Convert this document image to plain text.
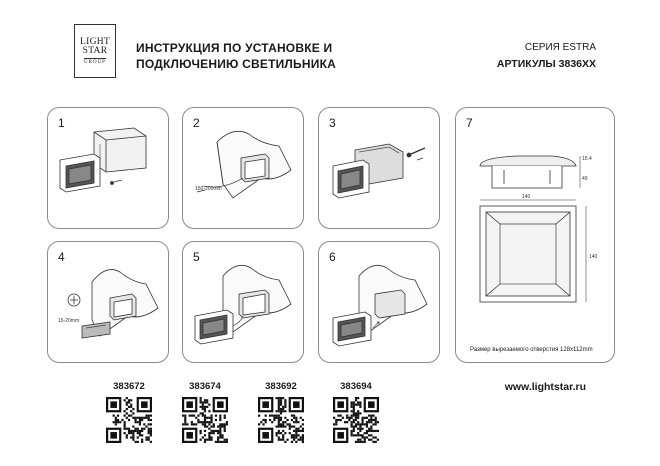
LIGHT
STAR
GROUP
ИНСТРУКЦИЯ ПО УСТАНОВКЕ И
ПОДКЛЮЧЕНИЮ СВЕТИЛЬНИКА
СЕРИЯ ESTRA
АРТИКУЛЫ 3836XX
1	2
150-200mm
3
4
15-20mm
5	6
7
15.4
49
140
140
Размер вырезаемого отверстия 128x112mm
383672	383674	383692	383694	www.lightstar.ru
